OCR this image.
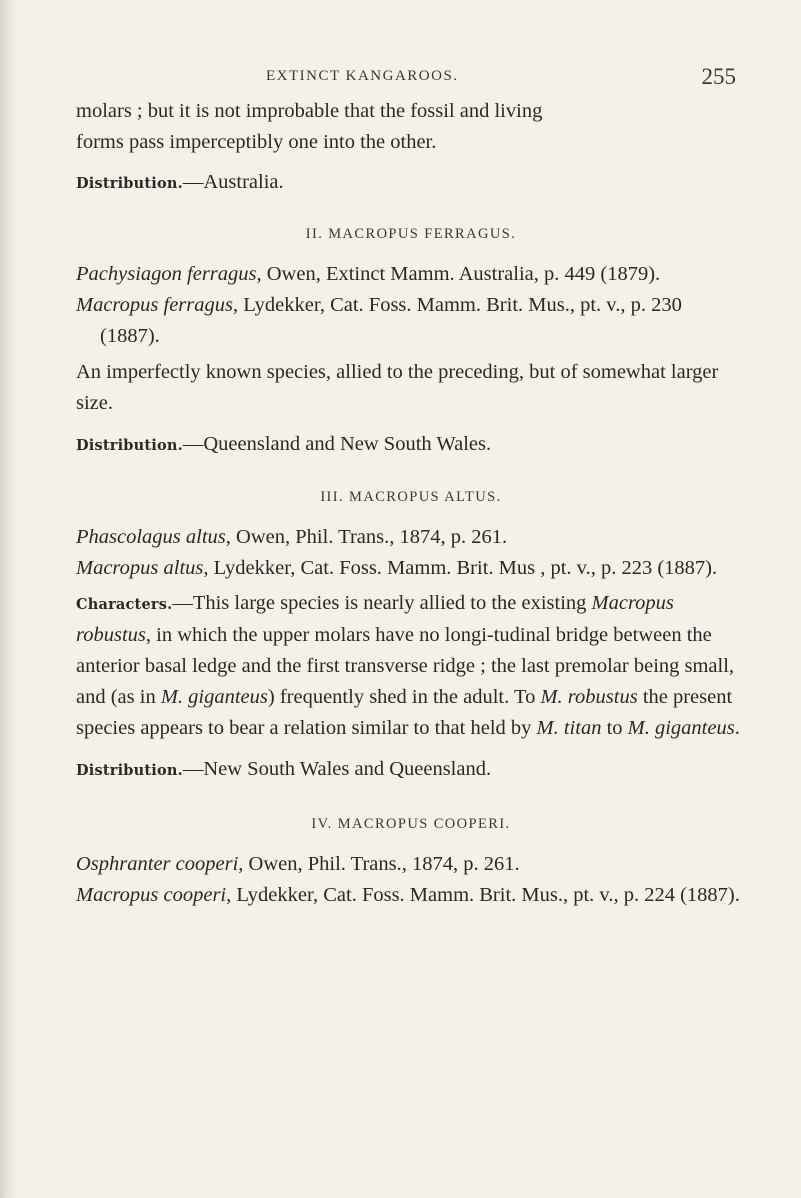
EXTINCT KANGAROOS.	255

molars ; but it is not improbable that the fossil and living

forms pass imperceptibly one into the other.

Distribution.—Australia.

II. MACROPUS FERRAGUS.

Pachysiagon ferragus, Owen, Extinct Mamm. Australia, p. 449 (1879).

Macropus ferragus, Lydekker, Cat. Foss. Mamm. Brit. Mus., pt. v., p. 230 (1887).

An imperfectly known species, allied to the preceding, but of somewhat larger size.

Distribution.—Queensland and New South Wales.

III. MACROPUS ALTUS.

Phascolagus altus, Owen, Phil. Trans., 1874, p. 261.

Macropus altus, Lydekker, Cat. Foss. Mamm. Brit. Mus , pt. v., p. 223 (1887).

Characters.—This large species is nearly allied to the existing Macropus robustus, in which the upper molars have no longi-tudinal bridge between the anterior basal ledge and the first transverse ridge ; the last premolar being small, and (as in M. giganteus) frequently shed in the adult. To M. robustus the present species appears to bear a relation similar to that held by M. titan to M. giganteus.

Distribution.—New South Wales and Queensland.

IV. MACROPUS COOPERI.

Osphranter cooperi, Owen, Phil. Trans., 1874, p. 261.

Macropus cooperi, Lydekker, Cat. Foss. Mamm. Brit. Mus., pt. v., p. 224 (1887).
